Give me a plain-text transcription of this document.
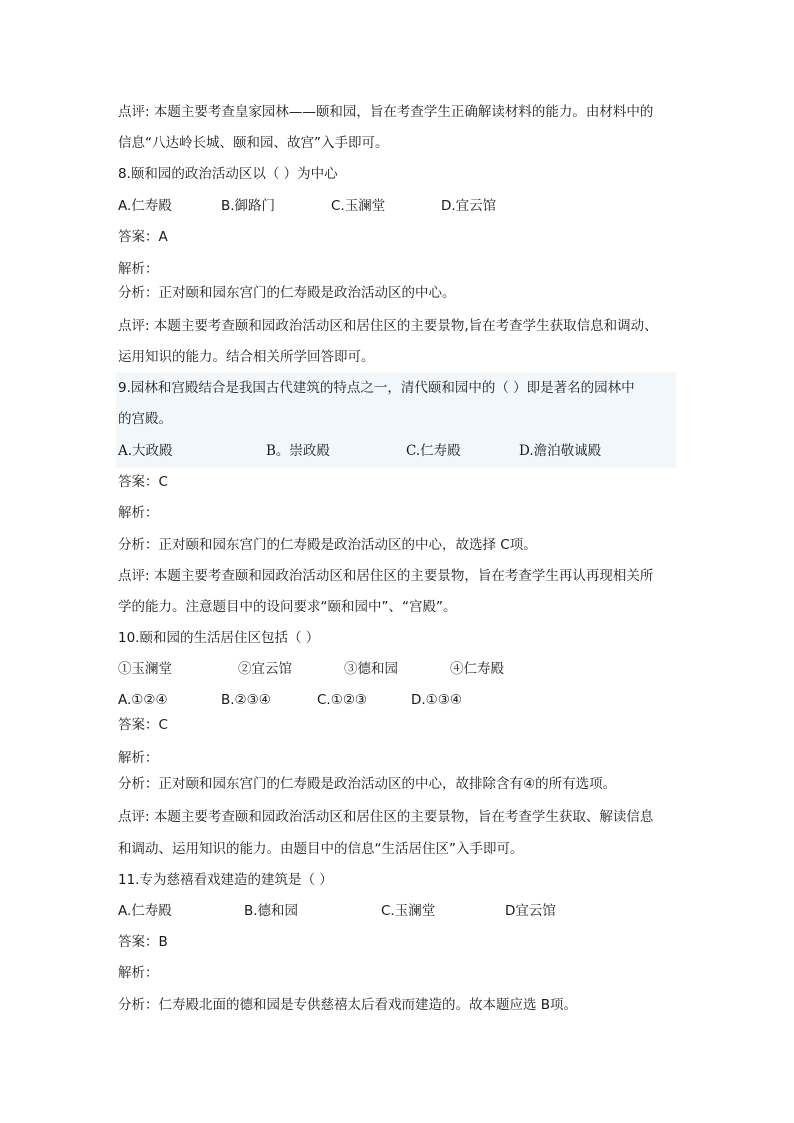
点评: 本题主要考查皇家园林——颐和园，旨在考查学生正确解读材料的能力。由材料中的
信息“八达岭长城、颐和园、故宫”入手即可。
8.颐和园的政治活动区以（ ）为中心
A.仁寿殿	B.御路门	C.玉澜堂	D.宜云馆
答案：A
解析：
分析：正对颐和园东宫门的仁寿殿是政治活动区的中心。
点评: 本题主要考查颐和园政治活动区和居住区的主要景物,旨在考查学生获取信息和调动、
运用知识的能力。结合相关所学回答即可。
9.园林和宫殿结合是我国古代建筑的特点之一，清代颐和园中的（ ）即是著名的园林中
的宫殿。
A.大政殿	B。崇政殿	C.仁寿殿	D.澹泊敬诚殿
答案：C
解析：
分析：正对颐和园东宫门的仁寿殿是政治活动区的中心，故选择 C项。
点评: 本题主要考查颐和园政治活动区和居住区的主要景物，旨在考查学生再认再现相关所
学的能力。注意题目中的设问要求“颐和园中”、“宫殿”。
10.颐和园的生活居住区包括（ ）
①玉澜堂	②宜云馆	③德和园	④仁寿殿
A.①②④	B.②③④	C.①②③	D.①③④
答案：C
解析：
分析：正对颐和园东宫门的仁寿殿是政治活动区的中心，故排除含有④的所有选项。
点评: 本题主要考查颐和园政治活动区和居住区的主要景物，旨在考查学生获取、解读信息
和调动、运用知识的能力。由题目中的信息“生活居住区”入手即可。
11.专为慈禧看戏建造的建筑是（ ）
A.仁寿殿	B.德和园	C.玉澜堂	D宜云馆
答案：B
解析：
分析：仁寿殿北面的德和园是专供慈禧太后看戏而建造的。故本题应选 B项。
